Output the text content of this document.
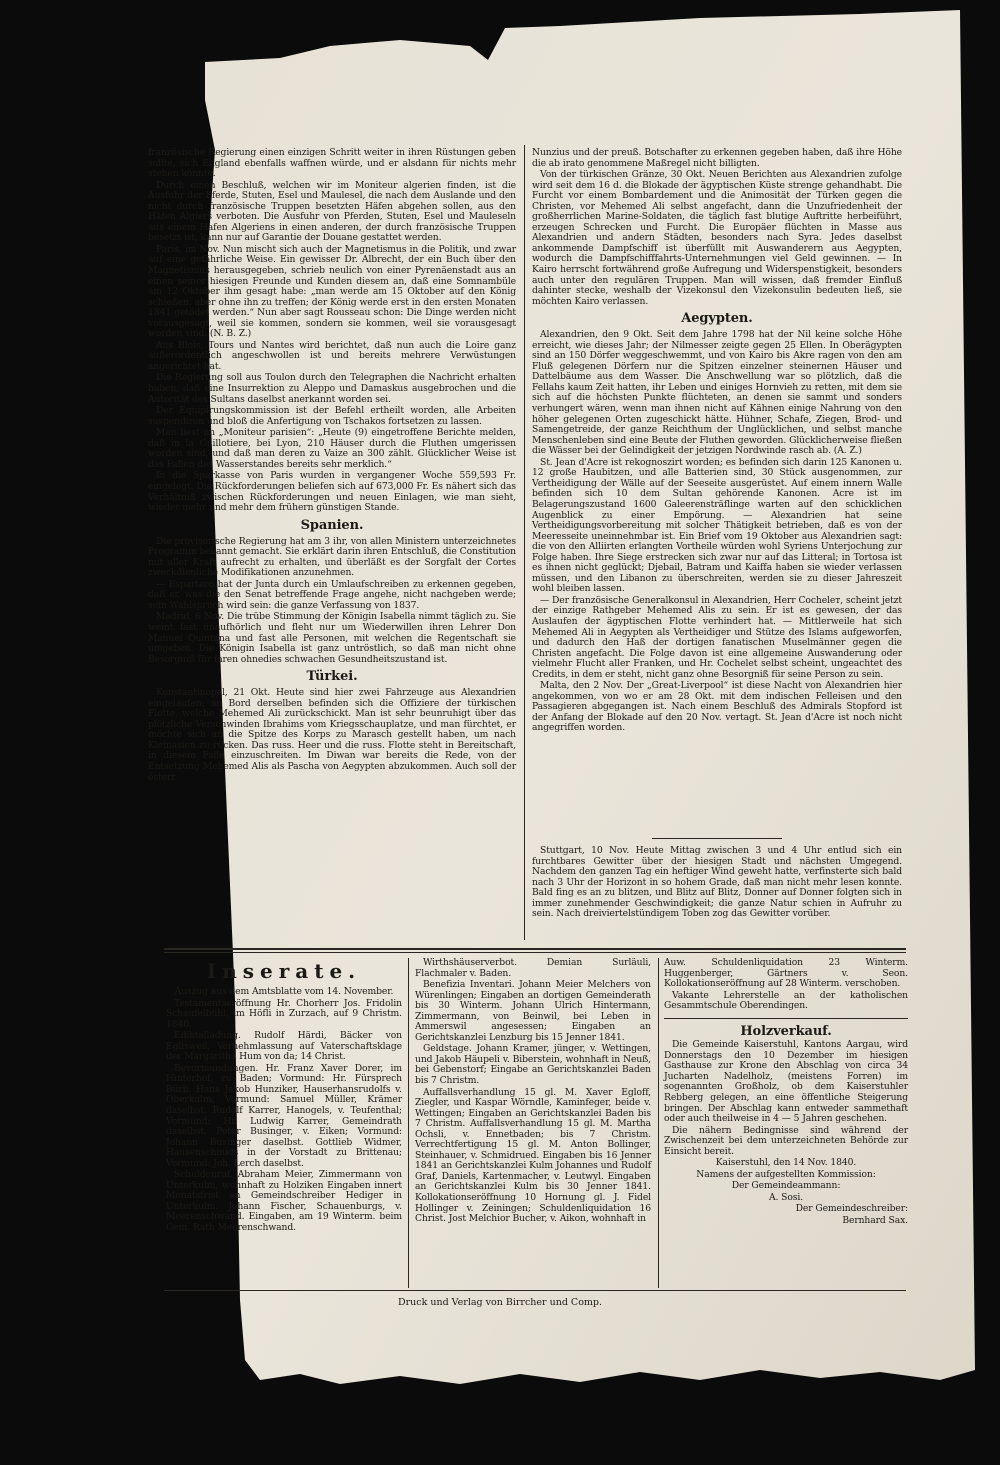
französische Regierung einen einzigen Schritt weiter in ihren Rüstungen geben sollte, sich England ebenfalls waffnen würde, und er alsdann für nichts mehr stehen könnte.

Durch einen Beschluß, welchen wir im Moniteur algerien finden, ist die Ausfuhr der Pferde, Stuten, Esel und Maulesel, die nach dem Auslande und den nicht durch französische Truppen besetzten Häfen abgehen sollen, aus den Häfen Algiers verboten. Die Ausfuhr von Pferden, Stuten, Esel und Mauleseln aus einem Hafen Algeriens in einen anderen, der durch französische Truppen besetzt ist, kann nur auf Garantie der Douane gestattet werden.

Paris, im Nov. Nun mischt sich auch der Magnetismus in die Politik, und zwar auf eine gefährliche Weise. Ein gewisser Dr. Albrecht, der ein Buch über den Magnetismus herausgegeben, schrieb neulich von einer Pyrenäenstadt aus an einen seiner hiesigen Freunde und Kunden diesem an, daß eine Somnambüle am 12 Oktober ihm gesagt habe: „man werde am 15 Oktober auf den König schießen, aber ohne ihn zu treffen; der König werde erst in den ersten Monaten 1841 getödet werden.“ Nun aber sagt Rousseau schon: Die Dinge werden nicht vorausgesagt, weil sie kommen, sondern sie kommen, weil sie vorausgesagt worden sind. (N. B. Z.)

Aus Blois, Tours und Nantes wird berichtet, daß nun auch die Loire ganz außerordentlich angeschwollen ist und bereits mehrere Verwüstungen angerichtet hat.

Die Regierung soll aus Toulon durch den Telegraphen die Nachricht erhalten haben, daß eine Insurrektion zu Aleppo und Damaskus ausgebrochen und die Autorität des Sultans daselbst anerkannt worden sei.

Der Equipirungskommission ist der Befehl ertheilt worden, alle Arbeiten suspendiren und bloß die Anfertigung von Tschakos fortsetzen zu lassen.

Man liest im „Moniteur parisien“: „Heute (9) eingetroffene Berichte melden, daß in la Guillotiere, bei Lyon, 210 Häuser durch die Fluthen umgerissen worden sind, und daß man deren zu Vaize an 300 zählt. Glücklicher Weise ist das Fallen des Wasserstandes bereits sehr merklich.“

In die Sparkasse von Paris wurden in vergangener Woche 559,593 Fr. eingelegt. Die Rückforderungen beliefen sich auf 673,000 Fr. Es nähert sich das Verhältniß zwischen Rückforderungen und neuen Einlagen, wie man sieht, wieder mehr und mehr dem frühern günstigen Stande.

Spanien.

Die provisorische Regierung hat am 3 ihr, von allen Ministern unterzeichnetes Programm bekannt gemacht. Sie erklärt darin ihren Entschluß, die Constitution mit aller Kraft aufrecht zu erhalten, und überläßt es der Sorgfalt der Cortes zweckdienliche Modifikationen anzunehmen.

— Espartero hat der Junta durch ein Umlaufschreiben zu erkennen gegeben, daß er, was die den Senat betreffende Frage angehe, nicht nachgeben werde; sein Wahlspruch wird sein: die ganze Verfassung von 1837.

Madrid, 6 Nov. Die trübe Stimmung der Königin Isabella nimmt täglich zu. Sie weint fast unaufhörlich und fleht nur um Wiederwillen ihren Lehrer Don Manuel Quintana und fast alle Personen, mit welchen die Regentschaft sie umgeben. Die Königin Isabella ist ganz untröstlich, so daß man nicht ohne Besorgniß für ihren ohnedies schwachen Gesundheitszustand ist.

Türkei.

Konstantinopel, 21 Okt. Heute sind hier zwei Fahrzeuge aus Alexandrien eingelaufen; an Bord derselben befinden sich die Offiziere der türkischen Flotte, welche Mehemed Ali zurückschickt. Man ist sehr beunruhigt über das plötzliche Verschwinden Ibrahims vom Kriegsschauplatze, und man fürchtet, er möchte sich an die Spitze des Korps zu Marasch gestellt haben, um nach Kleinasien zu rücken. Das russ. Heer und die russ. Flotte steht in Bereitschaft, in diesem Falle einzuschreiten. Im Diwan war bereits die Rede, von der Entsetzung Mehemed Alis als Pascha von Aegypten abzukommen. Auch soll der österr.

Nunzius und der preuß. Botschafter zu erkennen gegeben haben, daß ihre Höhe die ab irato genommene Maßregel nicht billigten.

Von der türkischen Gränze, 30 Okt. Neuen Berichten aus Alexandrien zufolge wird seit dem 16 d. die Blokade der ägyptischen Küste strenge gehandhabt. Die Furcht vor einem Bombardement und die Animosität der Türken gegen die Christen, vor Mehemed Ali selbst angefacht, dann die Unzufriedenheit der großherrlichen Marine-Soldaten, die täglich fast blutige Auftritte herbeiführt, erzeugen Schrecken und Furcht. Die Europäer flüchten in Masse aus Alexandrien und andern Städten, besonders nach Syra. Jedes daselbst ankommende Dampfschiff ist überfüllt mit Auswanderern aus Aegypten, wodurch die Dampfschifffahrts-Unternehmungen viel Geld gewinnen. — In Kairo herrscht fortwährend große Aufregung und Widerspenstigkeit, besonders auch unter den regulären Truppen. Man will wissen, daß fremder Einfluß dahinter stecke, weshalb der Vizekonsul den Vizekonsulin bedeuten ließ, sie möchten Kairo verlassen.

Aegypten.

Alexandrien, den 9 Okt. Seit dem Jahre 1798 hat der Nil keine solche Höhe erreicht, wie dieses Jahr; der Nilmesser zeigte gegen 25 Ellen. In Oberägypten sind an 150 Dörfer weggeschwemmt, und von Kairo bis Akre ragen von den am Fluß gelegenen Dörfern nur die Spitzen einzelner steinernen Häuser und Dattelbäume aus dem Wasser. Die Anschwellung war so plötzlich, daß die Fellahs kaum Zeit hatten, ihr Leben und einiges Hornvieh zu retten, mit dem sie sich auf die höchsten Punkte flüchteten, an denen sie sammt und sonders verhungert wären, wenn man ihnen nicht auf Kähnen einige Nahrung von den höher gelegenen Orten zugeschickt hätte. Hühner, Schafe, Ziegen, Brod- und Samengetreide, der ganze Reichthum der Unglücklichen, und selbst manche Menschenleben sind eine Beute der Fluthen geworden. Glücklicherweise fließen die Wässer bei der Gelindigkeit der jetzigen Nordwinde rasch ab. (A. Z.)

St. Jean d'Acre ist rekognoszirt worden; es befinden sich darin 125 Kanonen u. 12 große Haubitzen, und alle Batterien sind, 30 Stück ausgenommen, zur Vertheidigung der Wälle auf der Seeseite ausgerüstet. Auf einem innern Walle befinden sich 10 dem Sultan gehörende Kanonen. Acre ist im Belagerungszustand 1600 Galeerensträflinge warten auf den schicklichen Augenblick zu einer Empörung. — Alexandrien hat seine Vertheidigungsvorbereitung mit solcher Thätigkeit betrieben, daß es von der Meeresseite uneinnehmbar ist. Ein Brief vom 19 Oktober aus Alexandrien sagt: die von den Alliirten erlangten Vortheile würden wohl Syriens Unterjochung zur Folge haben. Ihre Siege erstrecken sich zwar nur auf das Litteral; in Tortosa ist es ihnen nicht geglückt; Djebail, Batram und Kaiffa haben sie wieder verlassen müssen, und den Libanon zu überschreiten, werden sie zu dieser Jahreszeit wohl bleiben lassen.

— Der französische Generalkonsul in Alexandrien, Herr Cocheleт, scheint jetzt der einzige Rathgeber Mehemed Alis zu sein. Er ist es gewesen, der das Auslaufen der ägyptischen Flotte verhindert hat. — Mittlerweile hat sich Mehemed Ali in Aegypten als Vertheidiger und Stütze des Islams aufgeworfen, und dadurch den Haß der dortigen fanatischen Muselmänner gegen die Christen angefacht. Die Folge davon ist eine allgemeine Auswanderung oder vielmehr Flucht aller Franken, und Hr. Cochelet selbst scheint, ungeachtet des Credits, in dem er steht, nicht ganz ohne Besorgniß für seine Person zu sein.

Malta, den 2 Nov. Der „Great-Liverpool“ ist diese Nacht von Alexandrien hier angekommen, von wo er am 28 Okt. mit dem indischen Felleisen und den Passagieren abgegangen ist. Nach einem Beschluß des Admirals Stopford ist der Anfang der Blokade auf den 20 Nov. vertagt. St. Jean d'Acre ist noch nicht angegriffen worden.

Stuttgart, 10 Nov. Heute Mittag zwischen 3 und 4 Uhr entlud sich ein furchtbares Gewitter über der hiesigen Stadt und nächsten Umgegend. Nachdem den ganzen Tag ein heftiger Wind geweht hatte, verfinsterte sich bald nach 3 Uhr der Horizont in so hohem Grade, daß man nicht mehr lesen konnte. Bald fing es an zu blitzen, und Blitz auf Blitz, Donner auf Donner folgten sich in immer zunehmender Geschwindigkeit; die ganze Natur schien in Aufruhr zu sein. Nach dreiviertelstündigem Toben zog das Gewitter vorüber.

Inserate.

Auszug aus dem Amtsblatte vom 14. November.

Testamentseröffnung Hr. Chorherr Jos. Fridolin Schaufelbühl, im Höfli in Zurzach, auf 9 Christm. 1840.

Ediktalladung. Rudolf Härdi, Bäcker von Eglisweil, Vernehmlassung auf Vaterschaftsklage der Margaritha Hum von da; 14 Christ.

Bevormundungen. Hr. Franz Xaver Dorer, im Hinterhof, zu Baden; Vormund: Hr. Fürsprech Bürli. Hans Jakob Hunziker, Hauserhansrudolfs v. Oberkulm; Vormund: Samuel Müller, Krämer daselbst. Rudolf Karrer, Hanogels, v. Teufenthal; Vormund: Hr. Ludwig Karrer, Gemeindrath daselbst. Peter Businger, v. Eiken; Vormund: Johann Businger daselbst. Gottlieb Widmer, Hausenschmids in der Vorstadt zu Brittenau; Vormund: Joh. Lerch daselbst.

Schuldenruf. Abraham Meier, Zimmermann von Unterkulm, wohnhaft zu Holziken Eingaben innert Monatsfrist an Gemeindschreiber Hediger in Unterkulm. Johann Fischer, Schauenburgs, v. Meerenschwand. Eingaben, am 19 Winterm. beim Gem. Rath Meerenschwand.

Wirthshäuserverbot. Demian Surläuli, Flachmaler v. Baden.

Benefizia Inventari. Johann Meier Melchers von Würenlingen; Eingaben an dortigen Gemeinderath bis 30 Winterm. Johann Ulrich Hintermann, Zimmermann, von Beinwil, bei Leben in Ammerswil angesessen; Eingaben an Gerichtskanzlei Lenzburg bis 15 Jenner 1841.

Geldstage. Johann Kramer, jünger, v. Wettingen, und Jakob Häupeli v. Biberstein, wohnhaft in Neuß, bei Gebenstorf; Eingabe an Gerichtskanzlei Baden bis 7 Christm.

Auffallsverhandlung 15 gl. M. Xaver Egloff, Ziegler, und Kaspar Wörndle, Kaminfeger, beide v. Wettingen; Eingaben an Gerichtskanzlei Baden bis 7 Christm. Auffallsverhandlung 15 gl. M. Martha Ochsli, v. Ennetbaden; bis 7 Christm. Verrechtfertigung 15 gl. M. Anton Bollinger, Steinhauer, v. Schmidrued. Eingaben bis 16 Jenner 1841 an Gerichtskanzlei Kulm Johannes und Rudolf Graf, Daniels, Kartenmacher, v. Leutwyl. Eingaben an Gerichtskanzlei Kulm bis 30 Jenner 1841. Kollokationseröffnung 10 Hornung gl. J. Fidel Hollinger v. Zeiningen; Schuldenliquidation 16 Christ. Jost Melchior Bucher, v. Aikon, wohnhaft in

Auw. Schuldenliquidation 23 Winterm. Huggenberger, Gärtners v. Seon. Kollokationseröffnung auf 28 Winterm. verschoben.

Vakante Lehrerstelle an der katholischen Gesammtschule Oberendingen.

Holzverkauf.

Die Gemeinde Kaiserstuhl, Kantons Aargau, wird Donnerstags den 10 Dezember im hiesigen Gasthause zur Krone den Abschlag von circa 34 Jucharten Nadelholz, (meistens Forren) im sogenannten Großholz, ob dem Kaiserstuhler Rebberg gelegen, an eine öffentliche Steigerung bringen. Der Abschlag kann entweder sammethaft oder auch theilweise in 4 — 5 Jahren geschehen.

Die nähern Bedingnisse sind während der Zwischenzeit bei dem unterzeichneten Behörde zur Einsicht bereit.

Kaiserstuhl, den 14 Nov. 1840.

Namens der aufgestellten Kommission:

Der Gemeindeammann:

A. Sosi.

Der Gemeindeschreiber:

Bernhard Sax.

Druck und Verlag von Birrcher und Comp.
